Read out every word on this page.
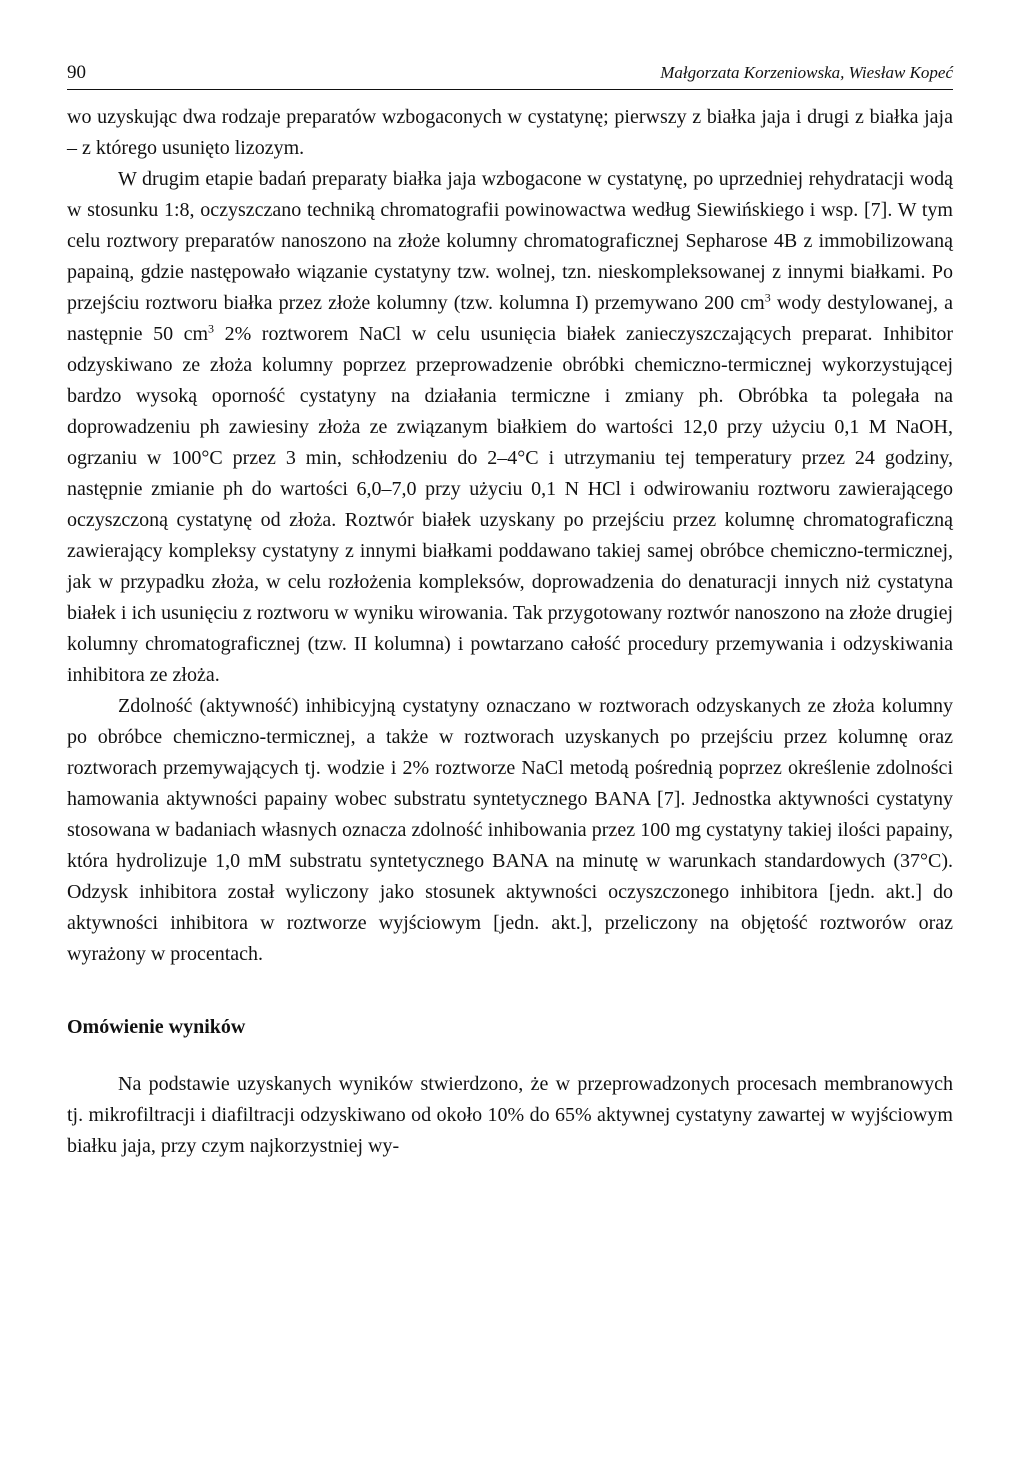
90	Małgorzata Korzeniowska, Wiesław Kopeć

wo uzyskując dwa rodzaje preparatów wzbogaconych w cystatynę; pierwszy z białka jaja i drugi z białka jaja – z którego usunięto lizozym.

W drugim etapie badań preparaty białka jaja wzbogacone w cystatynę, po uprzedniej rehydratacji wodą w stosunku 1:8, oczyszczano techniką chromatografii powinowactwa według Siewińskiego i wsp. [7]. W tym celu roztwory preparatów nanoszono na złoże kolumny chromatograficznej Sepharose 4B z immobilizowaną papainą, gdzie następowało wiązanie cystatyny tzw. wolnej, tzn. nieskompleksowanej z innymi białkami. Po przejściu roztworu białka przez złoże kolumny (tzw. kolumna I) przemywano 200 $cm^3$ wody destylowanej, a następnie 50 $cm^3$ 2% roztworem NaCl w celu usunięcia białek zanieczyszczających preparat. Inhibitor odzyskiwano ze złoża kolumny poprzez przeprowadzenie obróbki chemiczno-termicznej wykorzystującej bardzo wysoką oporność cystatyny na działania termiczne i zmiany ph. Obróbka ta polegała na doprowadzeniu ph zawiesiny złoża ze związanym białkiem do wartości 12,0 przy użyciu 0,1 M NaOH, ogrzaniu w 100°C przez 3 min, schłodzeniu do 2–4°C i utrzymaniu tej temperatury przez 24 godziny, następnie zmianie ph do wartości 6,0–7,0 przy użyciu 0,1 N HCl i odwirowaniu roztworu zawierającego oczyszczoną cystatynę od złoża. Roztwór białek uzyskany po przejściu przez kolumnę chromatograficzną zawierający kompleksy cystatyny z innymi białkami poddawano takiej samej obróbce chemiczno-termicznej, jak w przypadku złoża, w celu rozłożenia kompleksów, doprowadzenia do denaturacji innych niż cystatyna białek i ich usunięciu z roztworu w wyniku wirowania. Tak przygotowany roztwór nanoszono na złoże drugiej kolumny chromatograficznej (tzw. II kolumna) i powtarzano całość procedury przemywania i odzyskiwania inhibitora ze złoża.

Zdolność (aktywność) inhibicyjną cystatyny oznaczano w roztworach odzyskanych ze złoża kolumny po obróbce chemiczno-termicznej, a także w roztworach uzyskanych po przejściu przez kolumnę oraz roztworach przemywających tj. wodzie i 2% roztworze NaCl metodą pośrednią poprzez określenie zdolności hamowania aktywności papainy wobec substratu syntetycznego BANA [7]. Jednostka aktywności cystatyny stosowana w badaniach własnych oznacza zdolność inhibowania przez 100 mg cystatyny takiej ilości papainy, która hydrolizuje 1,0 mM substratu syntetycznego BANA na minutę w warunkach standardowych (37°C). Odzysk inhibitora został wyliczony jako stosunek aktywności oczyszczonego inhibitora [jedn. akt.] do aktywności inhibitora w roztworze wyjściowym [jedn. akt.], przeliczony na objętość roztworów oraz wyrażony w procentach.

Omówienie wyników

Na podstawie uzyskanych wyników stwierdzono, że w przeprowadzonych procesach membranowych tj. mikrofiltracji i diafiltracji odzyskiwano od około 10% do 65% aktywnej cystatyny zawartej w wyjściowym białku jaja, przy czym najkorzystniej wy-
